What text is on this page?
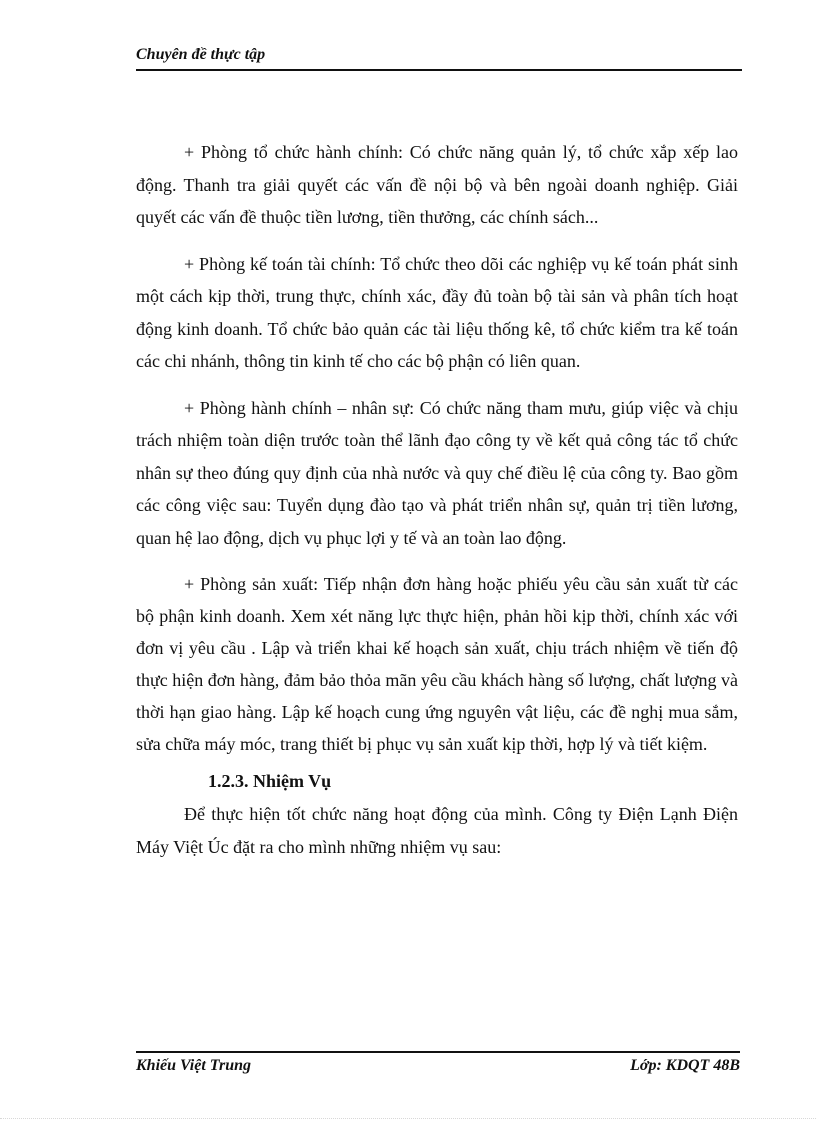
Chuyên đề thực tập

+ Phòng tổ chức hành chính: Có chức năng quản lý, tổ chức xắp xếp lao động. Thanh tra giải quyết các vấn đề nội bộ và bên ngoài doanh nghiệp. Giải quyết các vấn đề thuộc tiền lương, tiền thưởng, các chính sách...

+ Phòng kế toán tài chính: Tổ chức theo dõi các nghiệp vụ kế toán phát sinh một cách kịp thời, trung thực, chính xác, đầy đủ toàn bộ tài sản và phân tích hoạt động kinh doanh. Tổ chức bảo quản các tài liệu thống kê, tổ chức kiểm tra kế toán các chi nhánh, thông tin kinh tế cho các bộ phận có liên quan.

+ Phòng hành chính – nhân sự: Có chức năng tham mưu, giúp việc và chịu trách nhiệm toàn diện trước toàn thể lãnh đạo công ty về kết quả công tác tổ chức nhân sự theo đúng quy định của nhà nước và quy chế điều lệ của công ty. Bao gồm các công việc sau: Tuyển dụng đào tạo và phát triển nhân sự, quản trị tiền lương, quan hệ lao động, dịch vụ phục lợi y tế và an toàn lao động.

+ Phòng sản xuất: Tiếp nhận đơn hàng hoặc phiếu yêu cầu sản xuất từ các bộ phận kinh doanh. Xem xét năng lực thực hiện, phản hồi kịp thời, chính xác với đơn vị yêu cầu . Lập và triển khai kế hoạch sản xuất, chịu trách nhiệm về tiến độ thực hiện đơn hàng, đảm bảo thỏa mãn yêu cầu khách hàng số lượng, chất lượng và thời hạn giao hàng. Lập kế hoạch cung ứng nguyên vật liệu, các đề nghị mua sắm, sửa chữa máy móc, trang thiết bị phục vụ sản xuất kịp thời, hợp lý và tiết kiệm.

1.2.3. Nhiệm Vụ

Để thực hiện tốt chức năng hoạt động của mình. Công ty Điện Lạnh Điện Máy Việt Úc đặt ra cho mình những nhiệm vụ sau:

Khiếu Việt Trung	Lớp: KDQT 48B
